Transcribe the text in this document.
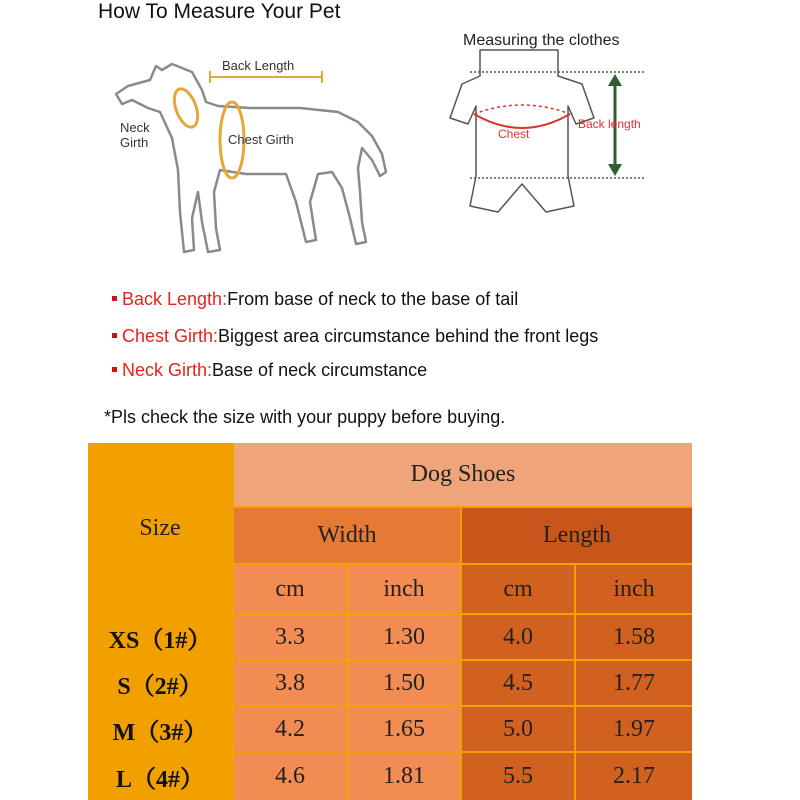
How To Measure Your Pet
Back Length
Neck
Girth	Chest Girth
Measuring the clothes
Chest
Back length
Back Length:From base of neck to the base of tail
Chest Girth:Biggest area circumstance behind the front legs
Neck Girth:Base of neck circumstance
*Pls check the size with your puppy before buying.
Size
Dog Shoes
Width	Length
cm	inch	cm	inch
XS（1#）	3.3	1.30	4.0	1.58
S（2#）	3.8	1.50	4.5	1.77
M（3#）	4.2	1.65	5.0	1.97
L（4#）	4.6	1.81	5.5	2.17
